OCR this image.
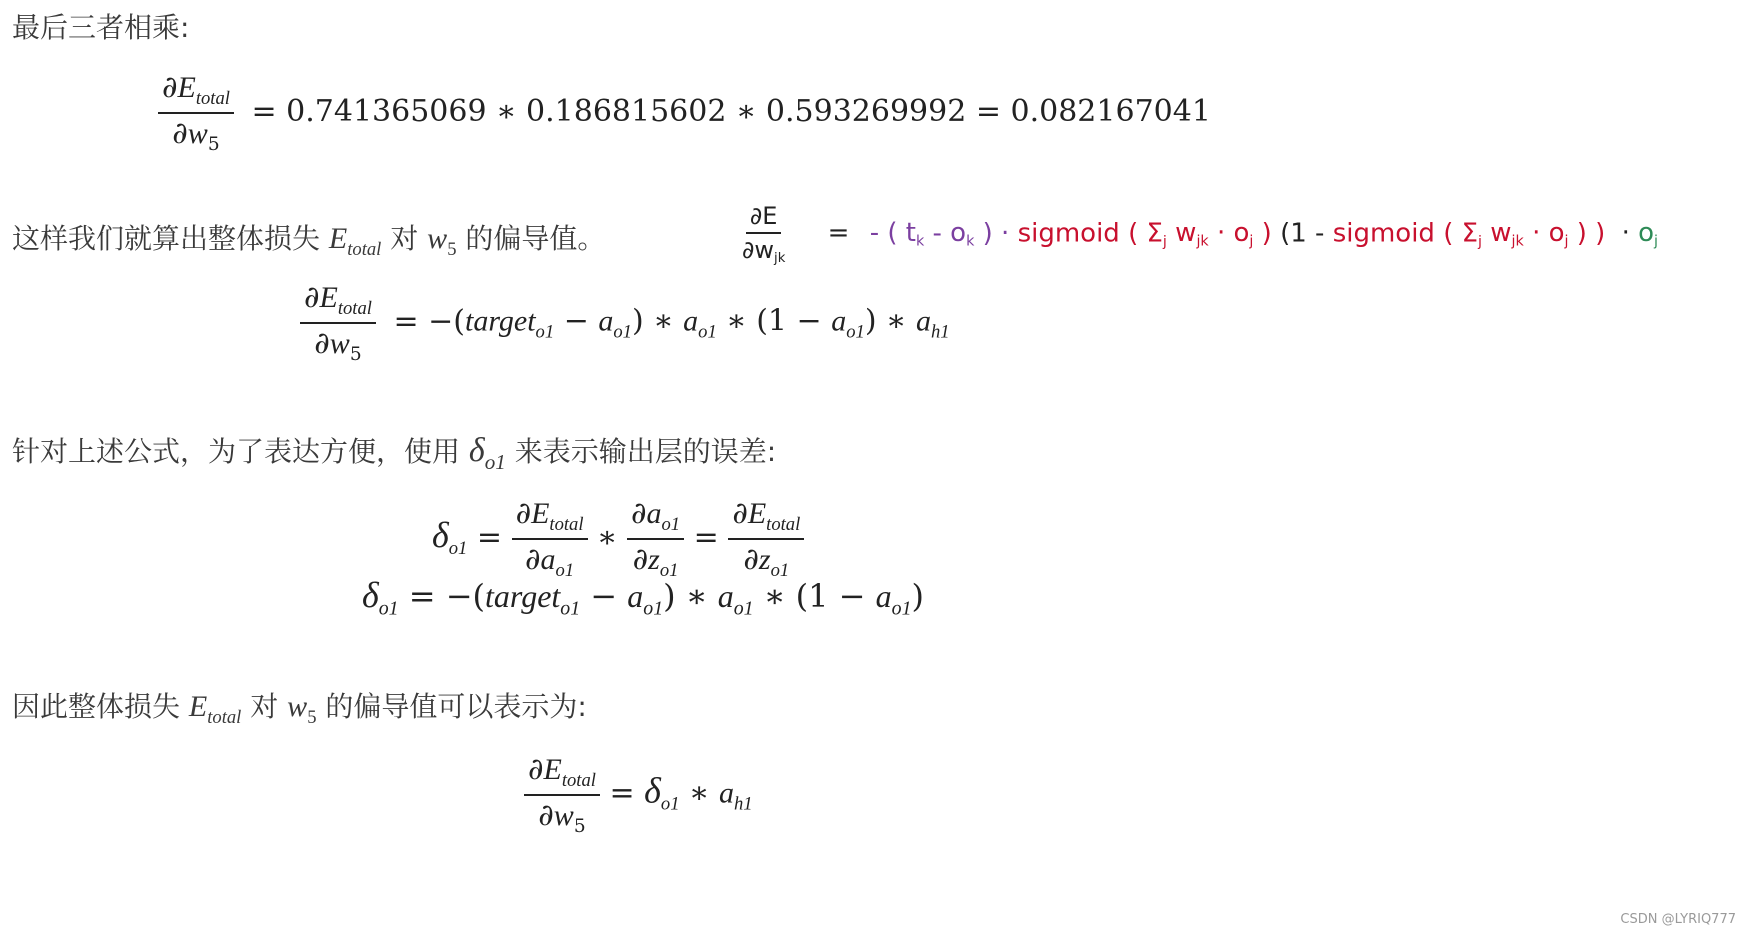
最后三者相乘:
$\frac{\partial E_{total}}{\partial w_5} = 0.741365069$ ∗ 0.186815602 ∗ 0.593269992 = 0.082167041
这样我们就算出整体损失 $E_{total}$ 对 $w_5$ 的偏导值。	$\frac{\partial E}{\text{∂wjk}}$ = - ( tk - ok ) · sigmoid ( Σj wjk · oj ) (1 - sigmoid ( Σj wjk · oj ) ) · oj
$\frac{\partial E_{total}}{\partial w_5}$ = −(target$_{o1}$ − $a_{o1}$) ∗ $a_{o1}$ ∗ $(1 - a_{o1})$ ∗ $a_{h1}$
针对上述公式，为了表达方便，使用 $\delta_{o1}$ 来表示输出层的误差:
$\delta_{o1} = \frac{\partial E_{total}}{\partial a_{o1}}$ ∗ $\frac{\partial a_{o1}}{\partial z_{o1}} = \frac{\partial E_{total}}{\partial z_{o1}}$
$\delta_{o1}$ = −(target$_{o1}$ − $a_{o1}$) ∗ $a_{o1}$ ∗ $(1 - a_{o1})$
因此整体损失 $E_{total}$ 对 $w_5$ 的偏导值可以表示为:
$\frac{\partial E_{total}}{\partial w_5} = \delta_{o1}$ ∗ $a_{h1}$
CSDN @LYRIQ777
